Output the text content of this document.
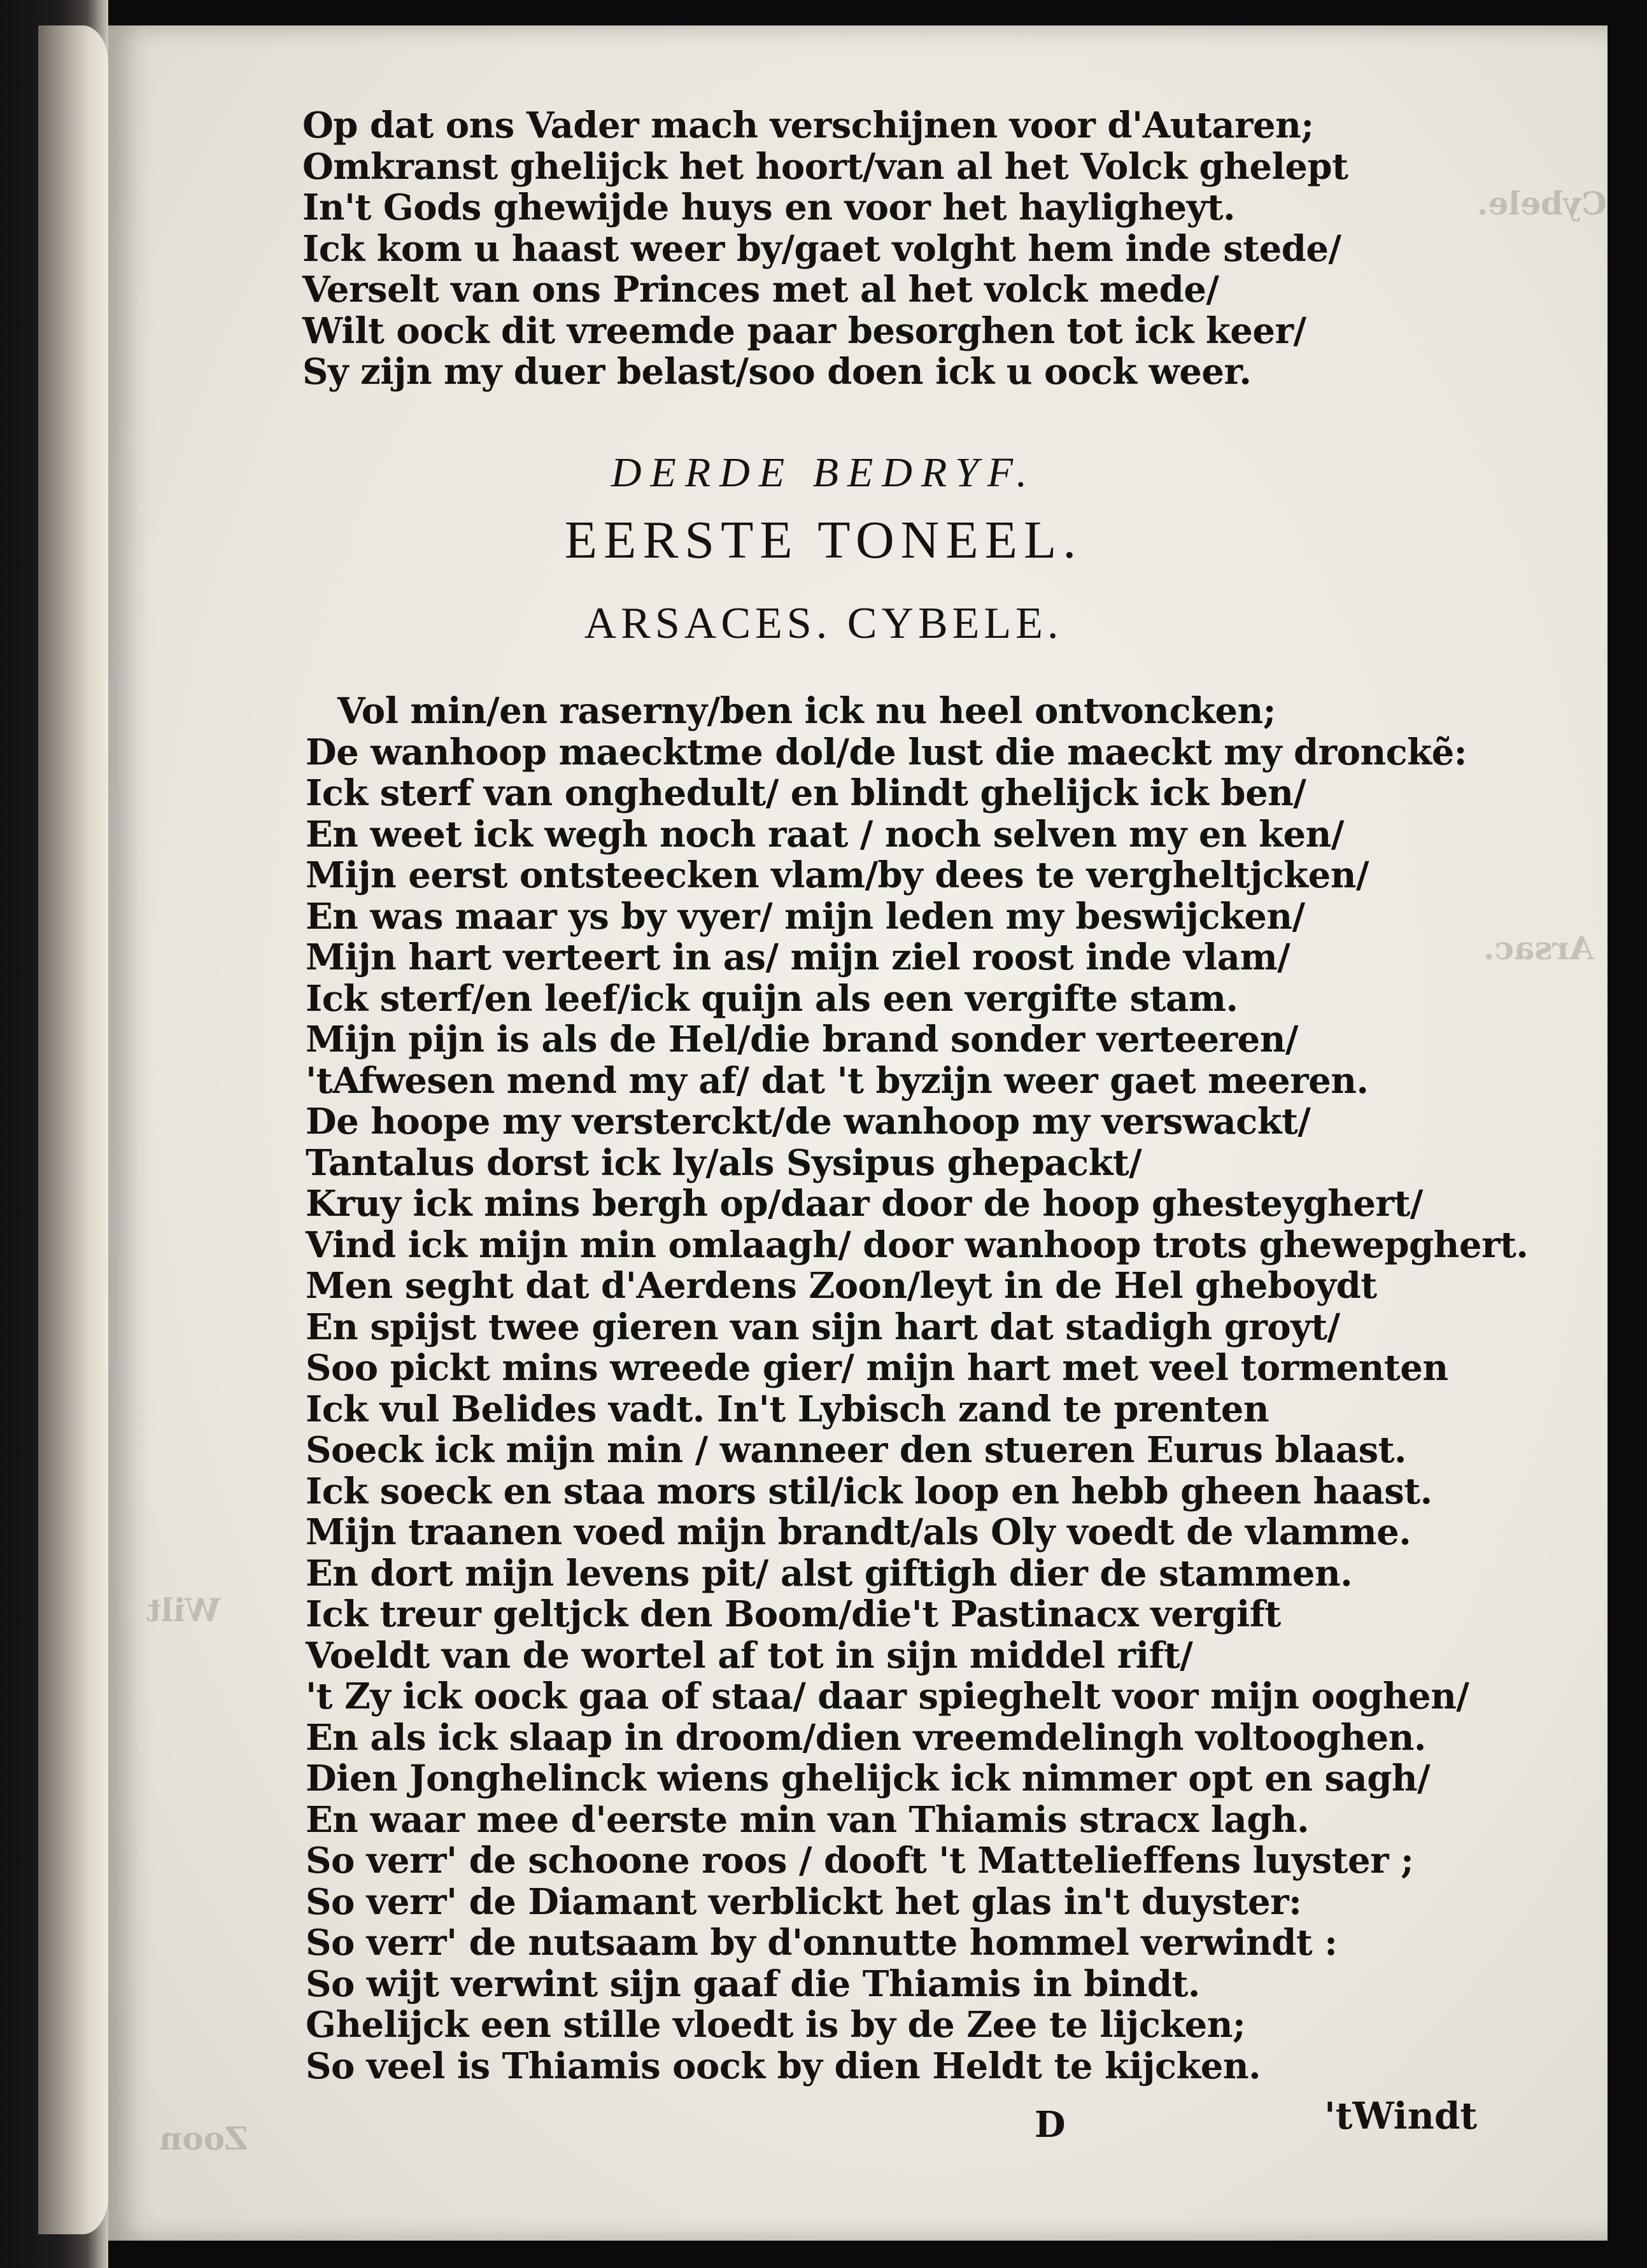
Cybele.
Arsac.
Wilt
Zoon
Op dat ons Vader mach verschijnen voor d'Autaren;
Omkranst ghelijck het hoort/van al het Volck ghelept
In't Gods ghewijde huys en voor het hayligheyt.
Ick kom u haast weer by/gaet volght hem inde stede/
Verselt van ons Princes met al het volck mede/
Wilt oock dit vreemde paar besorghen tot ick keer/
Sy zijn my duer belast/soo doen ick u oock weer.
DERDE BEDRYF.
EERSTE TONEEL.
ARSACES. CYBELE.
Vol min/en raserny/ben ick nu heel ontvoncken;
De wanhoop maecktme dol/de lust die maeckt my dronckẽ:
Ick sterf van onghedult/ en blindt ghelijck ick ben/
En weet ick wegh noch raat / noch selven my en ken/
Mijn eerst ontsteecken vlam/by dees te vergheltjcken/
En was maar ys by vyer/ mijn leden my beswijcken/
Mijn hart verteert in as/ mijn ziel roost inde vlam/
Ick sterf/en leef/ick quijn als een vergifte stam.
Mijn pijn is als de Hel/die brand sonder verteeren/
'tAfwesen mend my af/ dat 't byzijn weer gaet meeren.
De hoope my versterckt/de wanhoop my verswackt/
Tantalus dorst ick ly/als Sysipus ghepackt/
Kruy ick mins bergh op/daar door de hoop ghesteyghert/
Vind ick mijn min omlaagh/ door wanhoop trots ghewepghert.
Men seght dat d'Aerdens Zoon/leyt in de Hel gheboydt
En spijst twee gieren van sijn hart dat stadigh groyt/
Soo pickt mins wreede gier/ mijn hart met veel tormenten
Ick vul Belides vadt. In't Lybisch zand te prenten
Soeck ick mijn min / wanneer den stueren Eurus blaast.
Ick soeck en staa mors stil/ick loop en hebb gheen haast.
Mijn traanen voed mijn brandt/als Oly voedt de vlamme.
En dort mijn levens pit/ alst giftigh dier de stammen.
Ick treur geltjck den Boom/die't Pastinacx vergift
Voeldt van de wortel af tot in sijn middel rift/
't Zy ick oock gaa of staa/ daar spieghelt voor mijn ooghen/
En als ick slaap in droom/dien vreemdelingh voltooghen.
Dien Jonghelinck wiens ghelijck ick nimmer opt en sagh/
En waar mee d'eerste min van Thiamis stracx lagh.
So verr' de schoone roos / dooft 't Mattelieffens luyster ;
So verr' de Diamant verblickt het glas in't duyster:
So verr' de nutsaam by d'onnutte hommel verwindt :
So wijt verwint sijn gaaf die Thiamis in bindt.
Ghelijck een stille vloedt is by de Zee te lijcken;
So veel is Thiamis oock by dien Heldt te kijcken.
D	'tWindt
